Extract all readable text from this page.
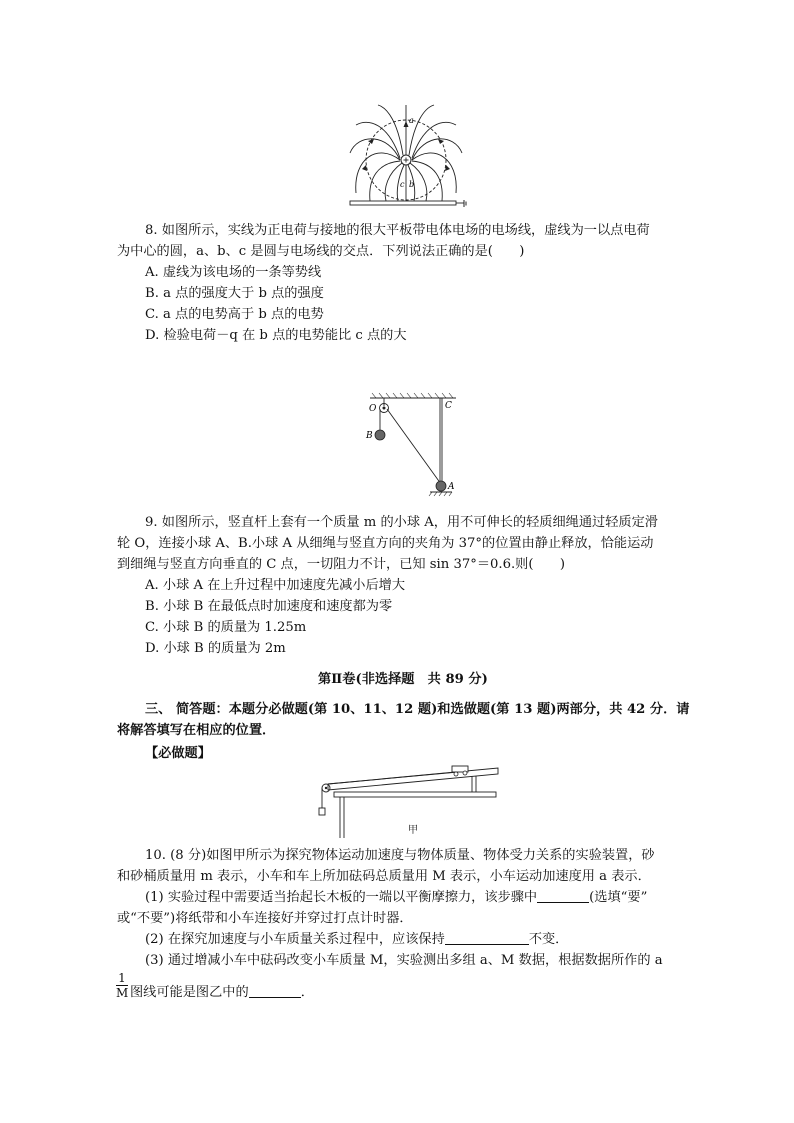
a
b
c
8. 如图所示，实线为正电荷与接地的很大平板带电体电场的电场线，虚线为一以点电荷
为中心的圆，a、b、c 是圆与电场线的交点．下列说法正确的是(　　)
A. 虚线为该电场的一条等势线
B. a 点的强度大于 b 点的强度
C. a 点的电势高于 b 点的电势
D. 检验电荷－q 在 b 点的电势能比 c 点的大
O	C
B
A
9. 如图所示，竖直杆上套有一个质量 m 的小球 A，用不可伸长的轻质细绳通过轻质定滑
轮 O，连接小球 A、B.小球 A 从细绳与竖直方向的夹角为 37°的位置由静止释放，恰能运动
到细绳与竖直方向垂直的 C 点，一切阻力不计，已知 sin 37°＝0.6.则(　　)
A. 小球 A 在上升过程中加速度先减小后增大
B. 小球 B 在最低点时加速度和速度都为零
C. 小球 B 的质量为 1.25m
D. 小球 B 的质量为 2m
第Ⅱ卷(非选择题　共 89 分)
三、 简答题：本题分必做题(第 10、11、12 题)和选做题(第 13 题)两部分，共 42 分．请
将解答填写在相应的位置．
【必做题】
甲
10. (8 分)如图甲所示为探究物体运动加速度与物体质量、物体受力关系的实验装置，砂
和砂桶质量用 m 表示，小车和车上所加砝码总质量用 M 表示，小车运动加速度用 a 表示．
(1) 实验过程中需要适当抬起长木板的一端以平衡摩擦力，该步骤中	(选填“要”
或“不要”)将纸带和小车连接好并穿过打点计时器．
(2) 在探究加速度与小车质量关系过程中，应该保持	不变．
(3) 通过增减小车中砝码改变小车质量 M，实验测出多组 a、M 数据，根据数据所作的 a
$\frac{1}{M}$ 图线可能是图乙中的	．
